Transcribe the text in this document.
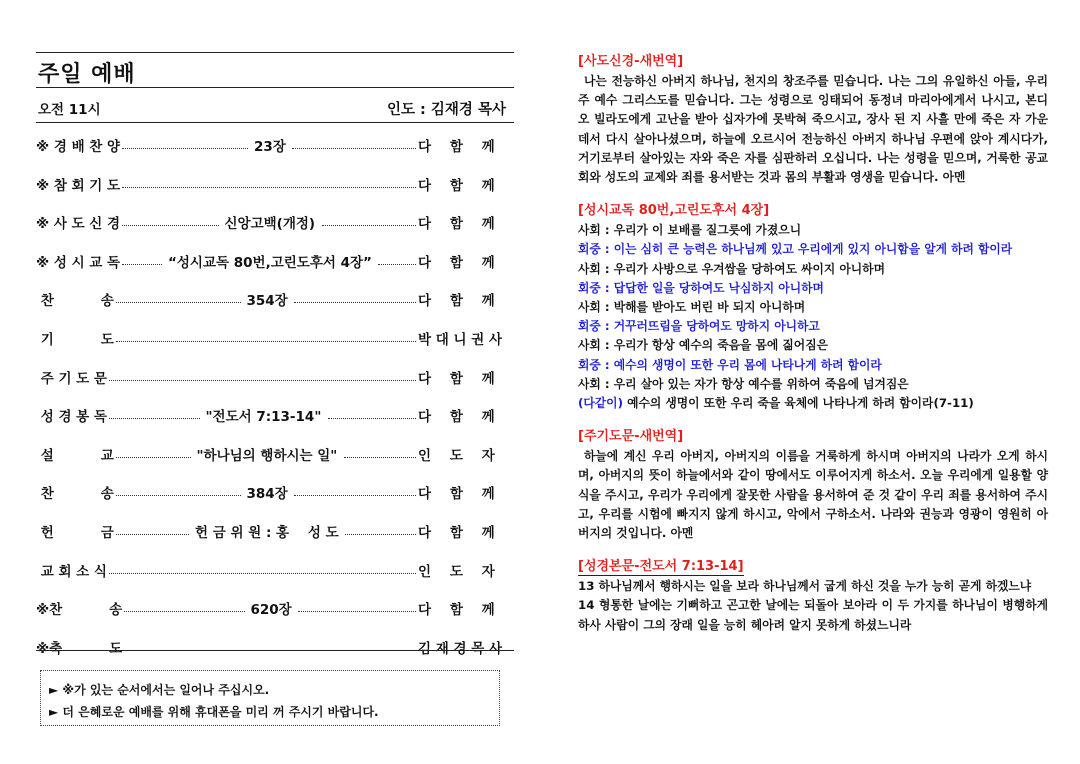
주일 예배
오전 11시	인도 : 김재경 목사
※ 경 배 찬 양	23장	다    함    께
※ 참 회 기 도	다    함    께
※ 사 도 신 경	신앙고백(개정)	다    함    께
※ 성 시 교 독	“성시교독 80번,고린도후서 4장”	다    함    께
찬          송	354장	다    함    께
기          도	박 대 니 권 사
주 기 도 문	다    함    께
성 경 봉 독	"전도서 7:13-14"	다    함    께
설          교	"하나님의 행하시는 일"	인    도    자
찬          송	384장	다    함    께
헌          금	헌 금 위 원 : 홍    성 도	다    함    께
교 회 소 식	인    도    자
※찬          송	620장	다    함    께
※축          도	김 재 경 목 사
► ※가 있는 순서에서는 일어나 주십시오.
► 더 은혜로운 예배를 위해 휴대폰을 미리 꺼 주시기 바랍니다.
[사도신경-새번역]
나는 전능하신 아버지 하나님, 천지의 창조주를 믿습니다. 나는 그의 유일하신 아들, 우리 주 예수 그리스도를 믿습니다. 그는 성령으로 잉태되어 동정녀 마리아에게서 나시고, 본디오 빌라도에게 고난을 받아 십자가에 못박혀 죽으시고, 장사 된 지 사흘 만에 죽은 자 가운데서 다시 살아나셨으며, 하늘에 오르시어 전능하신 아버지 하나님 우편에 앉아 계시다가, 거기로부터 살아있는 자와 죽은 자를 심판하러 오십니다. 나는 성령을 믿으며, 거룩한 공교회와 성도의 교제와 죄를 용서받는 것과 몸의 부활과 영생을 믿습니다. 아멘
[성시교독 80번,고린도후서 4장]
사회 : 우리가 이 보배를 질그릇에 가졌으니
회중 : 이는 심히 큰 능력은 하나님께 있고 우리에게 있지 아니함을 알게 하려 함이라
사회 : 우리가 사방으로 우겨쌈을 당하여도 싸이지 아니하며
회중 : 답답한 일을 당하여도 낙심하지 아니하며
사회 : 박해를 받아도 버린 바 되지 아니하며
회중 : 거꾸러뜨림을 당하여도 망하지 아니하고
사회 : 우리가 항상 예수의 죽음을 몸에 짊어짐은
회중 : 예수의 생명이 또한 우리 몸에 나타나게 하려 함이라
사회 : 우리 살아 있는 자가 항상 예수를 위하여 죽음에 넘겨짐은
(다같이) 예수의 생명이 또한 우리 죽을 육체에 나타나게 하려 함이라(7-11)
[주기도문-새번역]
하늘에 계신 우리 아버지, 아버지의 이름을 거룩하게 하시며 아버지의 나라가 오게 하시며, 아버지의 뜻이 하늘에서와 같이 땅에서도 이루어지게 하소서. 오늘 우리에게 일용할 양식을 주시고, 우리가 우리에게 잘못한 사람을 용서하여 준 것 같이 우리 죄를 용서하여 주시고, 우리를 시험에 빠지지 않게 하시고, 악에서 구하소서. 나라와 권능과 영광이 영원히 아버지의 것입니다. 아멘
[성경본문-전도서 7:13-14]
13 하나님께서 행하시는 일을 보라 하나님께서 굽게 하신 것을 누가 능히 곧게 하겠느냐
14 형통한 날에는 기뻐하고 곤고한 날에는 되돌아 보아라 이 두 가지를 하나님이 병행하게 하사 사람이 그의 장래 일을 능히 헤아려 알지 못하게 하셨느니라
